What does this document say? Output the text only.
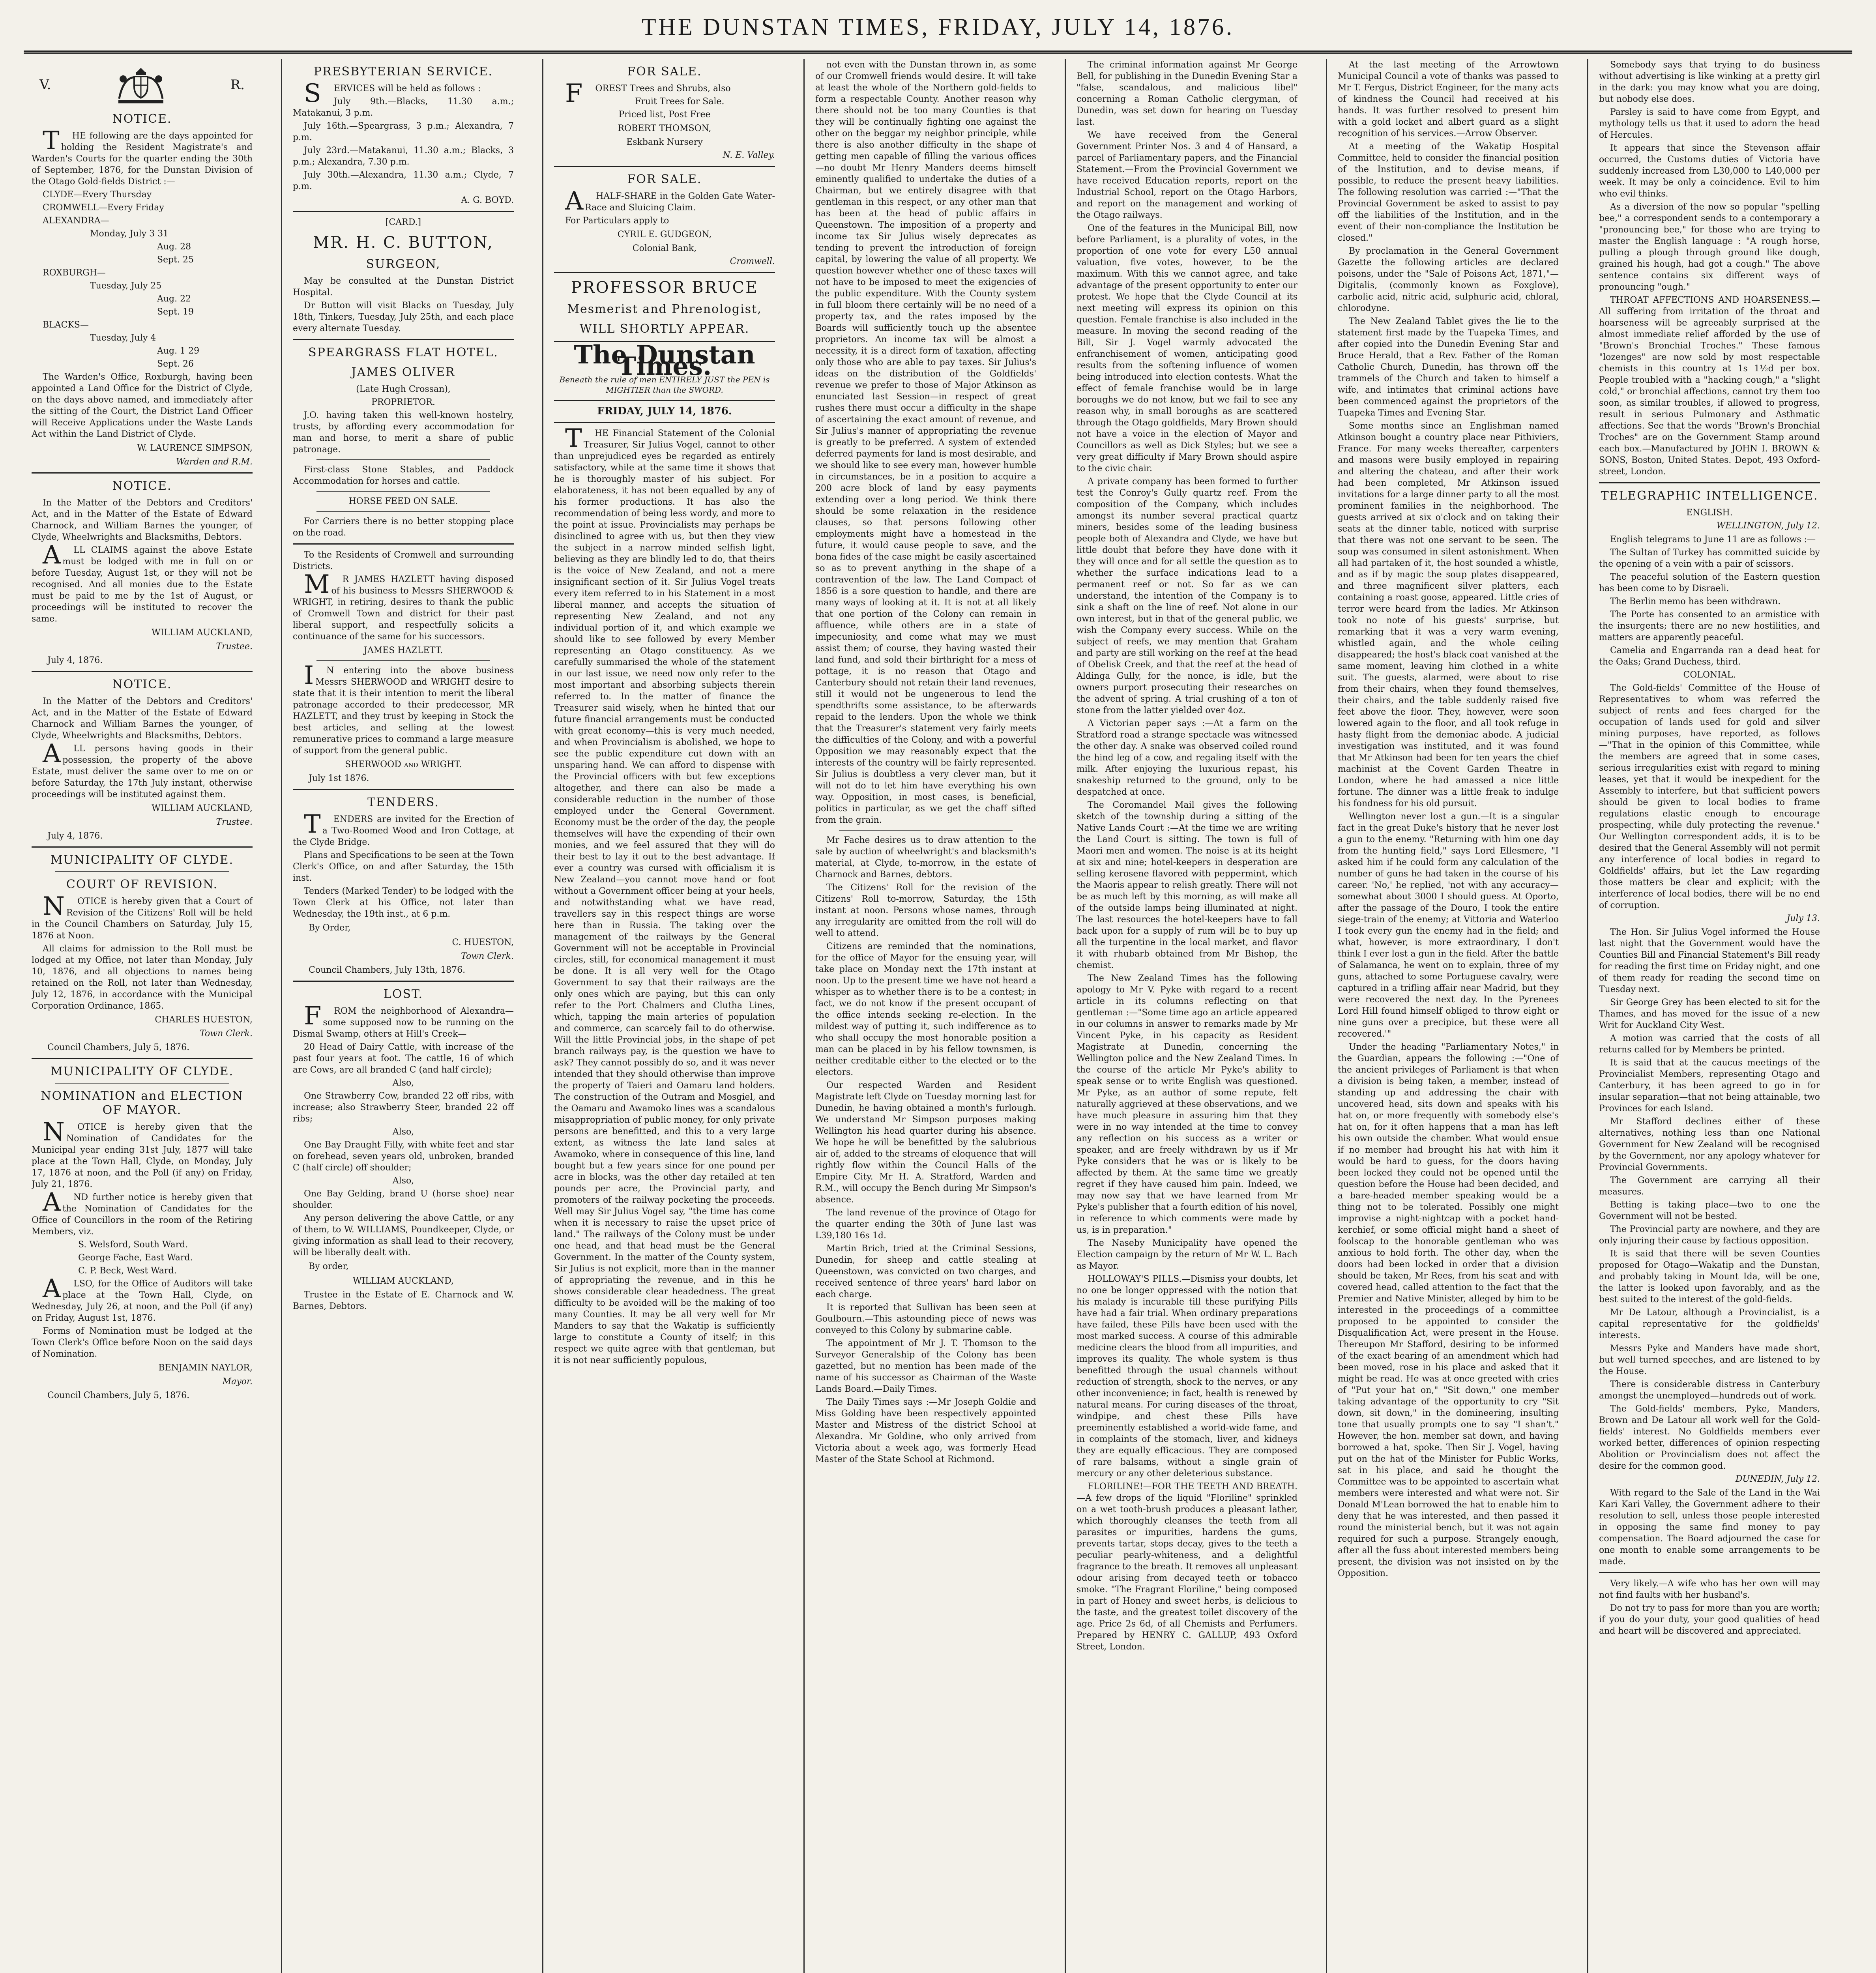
THE DUNSTAN TIMES, FRIDAY, JULY 14, 1876.
V.	R.
NOTICE.

THE following are the days appointed for holding the Resident Magistrate's and Warden's Courts for the quarter ending the 30th of September, 1876, for the Dunstan Division of the Otago Gold-fields District :—

CLYDE—Every Thursday

CROMWELL—Every Friday

ALEXANDRA—

Monday, July 3 31

Aug. 28

Sept. 25

ROXBURGH—

Tuesday, July 25

Aug. 22

Sept. 19

BLACKS—

Tuesday, July 4

Aug. 1 29

Sept. 26

The Warden's Office, Roxburgh, having been appointed a Land Office for the District of Clyde, on the days above named, and immediately after the sitting of the Court, the District Land Officer will Receive Applications under the Waste Lands Act within the Land District of Clyde.

W. LAURENCE SIMPSON,
Warden and R.M.
NOTICE.

In the Matter of the Debtors and Creditors' Act, and in the Matter of the Estate of Edward Charnock, and William Barnes the younger, of Clyde, Wheelwrights and Blacksmiths, Debtors.

ALL CLAIMS against the above Estate must be lodged with me in full on or before Tuesday, August 1st, or they will not be recognised. And all monies due to the Estate must be paid to me by the 1st of August, or proceedings will be instituted to recover the same.

WILLIAM AUCKLAND,
Trustee.
July 4, 1876.
NOTICE.

In the Matter of the Debtors and Creditors' Act, and in the Matter of the Estate of Edward Charnock and William Barnes the younger, of Clyde, Wheelwrights and Blacksmiths, Debtors.

ALL persons having goods in their possession, the property of the above Estate, must deliver the same over to me on or before Saturday, the 17th July instant, otherwise proceedings will be instituted against them.

WILLIAM AUCKLAND,
Trustee.
July 4, 1876.
MUNICIPALITY OF CLYDE.
COURT OF REVISION.

NOTICE is hereby given that a Court of Revision of the Citizens' Roll will be held in the Council Chambers on Saturday, July 15, 1876 at Noon.

All claims for admission to the Roll must be lodged at my Office, not later than Monday, July 10, 1876, and all objections to names being retained on the Roll, not later than Wednesday, July 12, 1876, in accordance with the Municipal Corporation Ordinance, 1865.

CHARLES HUESTON,
Town Clerk.
Council Chambers, July 5, 1876.
MUNICIPALITY OF CLYDE.
NOMINATION and ELECTION OF MAYOR.

NOTICE is hereby given that the Nomination of Candidates for the Municipal year ending 31st July, 1877 will take place at the Town Hall, Clyde, on Monday, July 17, 1876 at noon, and the Poll (if any) on Friday, July 21, 1876.

AND further notice is hereby given that the Nomination of Candidates for the Office of Councillors in the room of the Retiring Members, viz.

S. Welsford, South Ward.

George Fache, East Ward.

C. P. Beck, West Ward.

ALSO, for the Office of Auditors will take place at the Town Hall, Clyde, on Wednesday, July 26, at noon, and the Poll (if any) on Friday, August 1st, 1876.

Forms of Nomination must be lodged at the Town Clerk's Office before Noon on the said days of Nomination.

BENJAMIN NAYLOR,
Mayor.
Council Chambers, July 5, 1876.
PRESBYTERIAN SERVICE.

SERVICES will be held as follows :

July 9th.—Blacks, 11.30 a.m.; Matakanui, 3 p.m.

July 16th.—Speargrass, 3 p.m.; Alexandra, 7 p.m.

July 23rd.—Matakanui, 11.30 a.m.; Blacks, 3 p.m.; Alexandra, 7.30 p.m.

July 30th.—Alexandra, 11.30 a.m.; Clyde, 7 p.m.

A. G. BOYD.
[CARD.]
MR. H. C. BUTTON,
SURGEON,

May be consulted at the Dunstan District Hospital.

Dr Button will visit Blacks on Tuesday, July 18th, Tinkers, Tuesday, July 25th, and each place every alternate Tuesday.

SPEARGRASS FLAT HOTEL.
JAMES OLIVER
(Late Hugh Crossan),
PROPRIETOR.

J.O. having taken this well-known hostelry, trusts, by affording every accommodation for man and horse, to merit a share of public patronage.

First-class Stone Stables, and Paddock Accommodation for horses and cattle.

HORSE FEED ON SALE.

For Carriers there is no better stopping place on the road.

To the Residents of Cromwell and surrounding Districts.

MR JAMES HAZLETT having disposed of his business to Messrs SHERWOOD & WRIGHT, in retiring, desires to thank the public of Cromwell Town and district for their past liberal support, and respectfully solicits a continuance of the same for his successors.

JAMES HAZLETT.

IN entering into the above business Messrs SHERWOOD and WRIGHT desire to state that it is their intention to merit the liberal patronage accorded to their predecessor, MR HAZLETT, and they trust by keeping in Stock the best articles, and selling at the lowest remunerative prices to command a large measure of support from the general public.

SHERWOOD and WRIGHT.
July 1st 1876.
TENDERS.

TENDERS are invited for the Erection of a Two-Roomed Wood and Iron Cottage, at the Clyde Bridge.

Plans and Specifications to be seen at the Town Clerk's Office, on and after Saturday, the 15th inst.

Tenders (Marked Tender) to be lodged with the Town Clerk at his Office, not later than Wednesday, the 19th inst., at 6 p.m.

By Order,
C. HUESTON,
Town Clerk.
Council Chambers, July 13th, 1876.
LOST.

FROM the neighborhood of Alexandra—some supposed now to be running on the Dismal Swamp, others at Hill's Creek—

20 Head of Dairy Cattle, with increase of the past four years at foot. The cattle, 16 of which are Cows, are all branded C (and half circle);

Also,

One Strawberry Cow, branded 22 off ribs, with increase; also Strawberry Steer, branded 22 off ribs;

Also,

One Bay Draught Filly, with white feet and star on forehead, seven years old, unbroken, branded C (half circle) off shoulder;

Also,

One Bay Gelding, brand U (horse shoe) near shoulder.

Any person delivering the above Cattle, or any of them, to W. WILLIAMS, Poundkeeper, Clyde, or giving information as shall lead to their recovery, will be liberally dealt with.

By order,
WILLIAM AUCKLAND,

Trustee in the Estate of E. Charnock and W. Barnes, Debtors.

FOR SALE.

FOREST Trees and Shrubs, also

Fruit Trees for Sale.
Priced list, Post Free
ROBERT THOMSON,
Eskbank Nursery
N. E. Valley.
FOR SALE.

AHALF-SHARE in the Golden Gate Water-Race and Sluicing Claim.

For Particulars apply to

CYRIL E. GUDGEON,
Colonial Bank,
Cromwell.
PROFESSOR BRUCE
Mesmerist and Phrenologist,
WILL SHORTLY APPEAR.
The Dunstan Times.
Beneath the rule of men ENTIRELY JUST the PEN is MIGHTIER than the SWORD.
FRIDAY, JULY 14, 1876.

THE Financial Statement of the Colonial Treasurer, Sir Julius Vogel, cannot to other than unprejudiced eyes be regarded as entirely satisfactory, while at the same time it shows that he is thoroughly master of his subject. For elaborateness, it has not been equalled by any of his former productions. It has also the recommendation of being less wordy, and more to the point at issue. Provincialists may perhaps be disinclined to agree with us, but then they view the subject in a narrow minded selfish light, believing as they are blindly led to do, that theirs is the voice of New Zealand, and not a mere insignificant section of it. Sir Julius Vogel treats every item referred to in his Statement in a most liberal manner, and accepts the situation of representing New Zealand, and not any individual portion of it, and which example we should like to see followed by every Member representing an Otago constituency. As we carefully summarised the whole of the statement in our last issue, we need now only refer to the most important and absorbing subjects therein referred to. In the matter of finance the Treasurer said wisely, when he hinted that our future financial arrangements must be conducted with great economy—this is very much needed, and when Provincialism is abolished, we hope to see the public expenditure cut down with an unsparing hand. We can afford to dispense with the Provincial officers with but few exceptions altogether, and there can also be made a considerable reduction in the number of those employed under the General Government. Economy must be the order of the day, the people themselves will have the expending of their own monies, and we feel assured that they will do their best to lay it out to the best advantage. If ever a country was cursed with officialism it is New Zealand—you cannot move hand or foot without a Government officer being at your heels, and notwithstanding what we have read, travellers say in this respect things are worse here than in Russia. The taking over the management of the railways by the General Government will not be acceptable in Provincial circles, still, for economical management it must be done. It is all very well for the Otago Government to say that their railways are the only ones which are paying, but this can only refer to the Port Chalmers and Clutha Lines, which, tapping the main arteries of population and commerce, can scarcely fail to do otherwise. Will the little Provincial jobs, in the shape of pet branch railways pay, is the question we have to ask? They cannot possibly do so, and it was never intended that they should otherwise than improve the property of Taieri and Oamaru land holders. The construction of the Outram and Mosgiel, and the Oamaru and Awamoko lines was a scandalous misappropriation of public money, for only private persons are benefitted, and this to a very large extent, as witness the late land sales at Awamoko, where in consequence of this line, land bought but a few years since for one pound per acre in blocks, was the other day retailed at ten pounds per acre, the Provincial party, and promoters of the railway pocketing the proceeds. Well may Sir Julius Vogel say, "the time has come when it is necessary to raise the upset price of land." The railways of the Colony must be under one head, and that head must be the General Government. In the matter of the County system, Sir Julius is not explicit, more than in the manner of appropriating the revenue, and in this he shows considerable clear headedness. The great difficulty to be avoided will be the making of too many Counties. It may be all very well for Mr Manders to say that the Wakatip is sufficiently large to constitute a County of itself; in this respect we quite agree with that gentleman, but it is not near sufficiently populous,

not even with the Dunstan thrown in, as some of our Cromwell friends would desire. It will take at least the whole of the Northern gold-fields to form a respectable County. Another reason why there should not be too many Counties is that they will be continually fighting one against the other on the beggar my neighbor principle, while there is also another difficulty in the shape of getting men capable of filling the various offices—no doubt Mr Henry Manders deems himself eminently qualified to undertake the duties of a Chairman, but we entirely disagree with that gentleman in this respect, or any other man that has been at the head of public affairs in Queenstown. The imposition of a property and income tax Sir Julius wisely deprecates as tending to prevent the introduction of foreign capital, by lowering the value of all property. We question however whether one of these taxes will not have to be imposed to meet the exigencies of the public expenditure. With the County system in full bloom there certainly will be no need of a property tax, and the rates imposed by the Boards will sufficiently touch up the absentee proprietors. An income tax will be almost a necessity, it is a direct form of taxation, affecting only those who are able to pay taxes. Sir Julius's ideas on the distribution of the Goldfields' revenue we prefer to those of Major Atkinson as enunciated last Session—in respect of great rushes there must occur a difficulty in the shape of ascertaining the exact amount of revenue, and Sir Julius's manner of appropriating the revenue is greatly to be preferred. A system of extended deferred payments for land is most desirable, and we should like to see every man, however humble in circumstances, be in a position to acquire a 200 acre block of land by easy payments extending over a long period. We think there should be some relaxation in the residence clauses, so that persons following other employments might have a homestead in the future, it would cause people to save, and the bona fides of the case might be easily ascertained so as to prevent anything in the shape of a contravention of the law. The Land Compact of 1856 is a sore question to handle, and there are many ways of looking at it. It is not at all likely that one portion of the Colony can remain in affluence, while others are in a state of impecuniosity, and come what may we must assist them; of course, they having wasted their land fund, and sold their birthright for a mess of pottage, it is no reason that Otago and Canterbury should not retain their land revenues, still it would not be ungenerous to lend the spendthrifts some assistance, to be afterwards repaid to the lenders. Upon the whole we think that the Treasurer's statement very fairly meets the difficulties of the Colony, and with a powerful Opposition we may reasonably expect that the interests of the country will be fairly represented. Sir Julius is doubtless a very clever man, but it will not do to let him have everything his own way. Opposition, in most cases, is beneficial, politics in particular, as we get the chaff sifted from the grain.

Mr Fache desires us to draw attention to the sale by auction of wheelwright's and blacksmith's material, at Clyde, to-morrow, in the estate of Charnock and Barnes, debtors.

The Citizens' Roll for the revision of the Citizens' Roll to-morrow, Saturday, the 15th instant at noon. Persons whose names, through any irregularity are omitted from the roll will do well to attend.

Citizens are reminded that the nominations, for the office of Mayor for the ensuing year, will take place on Monday next the 17th instant at noon. Up to the present time we have not heard a whisper as to whether there is to be a contest; in fact, we do not know if the present occupant of the office intends seeking re-election. In the mildest way of putting it, such indifference as to who shall occupy the most honorable position a man can be placed in by his fellow townsmen, is neither creditable either to the elected or to the electors.

Our respected Warden and Resident Magistrate left Clyde on Tuesday morning last for Dunedin, he having obtained a month's furlough. We understand Mr Simpson purposes making Wellington his head quarter during his absence. We hope he will be benefitted by the salubrious air of, added to the streams of eloquence that will rightly flow within the Council Halls of the Empire City. Mr H. A. Stratford, Warden and R.M., will occupy the Bench during Mr Simpson's absence.

The land revenue of the province of Otago for the quarter ending the 30th of June last was L39,180 16s 1d.

Martin Brich, tried at the Criminal Sessions, Dunedin, for sheep and cattle stealing at Queenstown, was convicted on two charges, and received sentence of three years' hard labor on each charge.

It is reported that Sullivan has been seen at Goulbourn.—This astounding piece of news was conveyed to this Colony by submarine cable.

The appointment of Mr J. T. Thomson to the Surveyor Generalship of the Colony has been gazetted, but no mention has been made of the name of his successor as Chairman of the Waste Lands Board.—Daily Times.

The Daily Times says :—Mr Joseph Goldie and Miss Golding have been respectively appointed Master and Mistress of the district School at Alexandra. Mr Goldine, who only arrived from Victoria about a week ago, was formerly Head Master of the State School at Richmond.

The criminal information against Mr George Bell, for publishing in the Dunedin Evening Star a "false, scandalous, and malicious libel" concerning a Roman Catholic clergyman, of Dunedin, was set down for hearing on Tuesday last.

We have received from the General Government Printer Nos. 3 and 4 of Hansard, a parcel of Parliamentary papers, and the Financial Statement.—From the Provincial Government we have received Education reports, report on the Industrial School, report on the Otago Harbors, and report on the management and working of the Otago railways.

One of the features in the Municipal Bill, now before Parliament, is a plurality of votes, in the proportion of one vote for every L50 annual valuation, five votes, however, to be the maximum. With this we cannot agree, and take advantage of the present opportunity to enter our protest. We hope that the Clyde Council at its next meeting will express its opinion on this question. Female franchise is also included in the measure. In moving the second reading of the Bill, Sir J. Vogel warmly advocated the enfranchisement of women, anticipating good results from the softening influence of women being introduced into election contests. What the effect of female franchise would be in large boroughs we do not know, but we fail to see any reason why, in small boroughs as are scattered through the Otago goldfields, Mary Brown should not have a voice in the election of Mayor and Councillors as well as Dick Styles; but we see a very great difficulty if Mary Brown should aspire to the civic chair.

A private company has been formed to further test the Conroy's Gully quartz reef. From the composition of the Company, which includes amongst its number several practical quartz miners, besides some of the leading business people both of Alexandra and Clyde, we have but little doubt that before they have done with it they will once and for all settle the question as to whether the surface indications lead to a permanent reef or not. So far as we can understand, the intention of the Company is to sink a shaft on the line of reef. Not alone in our own interest, but in that of the general public, we wish the Company every success. While on the subject of reefs, we may mention that Graham and party are still working on the reef at the head of Obelisk Creek, and that the reef at the head of Aldinga Gully, for the nonce, is idle, but the owners purport prosecuting their researches on the advent of spring. A trial crushing of a ton of stone from the latter yielded over 4oz.

A Victorian paper says :—At a farm on the Stratford road a strange spectacle was witnessed the other day. A snake was observed coiled round the hind leg of a cow, and regaling itself with the milk. After enjoying the luxurious repast, his snakeship returned to the ground, only to be despatched at once.

The Coromandel Mail gives the following sketch of the township during a sitting of the Native Lands Court :—At the time we are writing the Land Court is sitting. The town is full of Maori men and women. The noise is at its height at six and nine; hotel-keepers in desperation are selling kerosene flavored with peppermint, which the Maoris appear to relish greatly. There will not be as much left by this morning, as will make all of the outside lamps being illuminated at night. The last resources the hotel-keepers have to fall back upon for a supply of rum will be to buy up all the turpentine in the local market, and flavor it with rhubarb obtained from Mr Bishop, the chemist.

The New Zealand Times has the following apology to Mr V. Pyke with regard to a recent article in its columns reflecting on that gentleman :—"Some time ago an article appeared in our columns in answer to remarks made by Mr Vincent Pyke, in his capacity as Resident Magistrate at Dunedin, concerning the Wellington police and the New Zealand Times. In the course of the article Mr Pyke's ability to speak sense or to write English was questioned. Mr Pyke, as an author of some repute, felt naturally aggrieved at these observations, and we have much pleasure in assuring him that they were in no way intended at the time to convey any reflection on his success as a writer or speaker, and are freely withdrawn by us if Mr Pyke considers that he was or is likely to be affected by them. At the same time we greatly regret if they have caused him pain. Indeed, we may now say that we have learned from Mr Pyke's publisher that a fourth edition of his novel, in reference to which comments were made by us, is in preparation."

The Naseby Municipality have opened the Election campaign by the return of Mr W. L. Bach as Mayor.

HOLLOWAY'S PILLS.—Dismiss your doubts, let no one be longer oppressed with the notion that his malady is incurable till these purifying Pills have had a fair trial. When ordinary preparations have failed, these Pills have been used with the most marked success. A course of this admirable medicine clears the blood from all impurities, and improves its quality. The whole system is thus benefitted through the usual channels without reduction of strength, shock to the nerves, or any other inconvenience; in fact, health is renewed by natural means. For curing diseases of the throat, windpipe, and chest these Pills have preeminently established a world-wide fame, and in complaints of the stomach, liver, and kidneys they are equally efficacious. They are composed of rare balsams, without a single grain of mercury or any other deleterious substance.

FLORILINE!—FOR THE TEETH AND BREATH.—A few drops of the liquid "Floriline" sprinkled on a wet tooth-brush produces a pleasant lather, which thoroughly cleanses the teeth from all parasites or impurities, hardens the gums, prevents tartar, stops decay, gives to the teeth a peculiar pearly-whiteness, and a delightful fragrance to the breath. It removes all unpleasant odour arising from decayed teeth or tobacco smoke. "The Fragrant Floriline," being composed in part of Honey and sweet herbs, is delicious to the taste, and the greatest toilet discovery of the age. Price 2s 6d, of all Chemists and Perfumers. Prepared by HENRY C. GALLUP, 493 Oxford Street, London.

At the last meeting of the Arrowtown Municipal Council a vote of thanks was passed to Mr T. Fergus, District Engineer, for the many acts of kindness the Council had received at his hands. It was further resolved to present him with a gold locket and albert guard as a slight recognition of his services.—Arrow Observer.

At a meeting of the Wakatip Hospital Committee, held to consider the financial position of the Institution, and to devise means, if possible, to reduce the present heavy liabilities. The following resolution was carried :—"That the Provincial Government be asked to assist to pay off the liabilities of the Institution, and in the event of their non-compliance the Institution be closed."

By proclamation in the General Government Gazette the following articles are declared poisons, under the "Sale of Poisons Act, 1871,"—Digitalis, (commonly known as Foxglove), carbolic acid, nitric acid, sulphuric acid, chloral, chlorodyne.

The New Zealand Tablet gives the lie to the statement first made by the Tuapeka Times, and after copied into the Dunedin Evening Star and Bruce Herald, that a Rev. Father of the Roman Catholic Church, Dunedin, has thrown off the trammels of the Church and taken to himself a wife, and intimates that criminal actions have been commenced against the proprietors of the Tuapeka Times and Evening Star.

Some months since an Englishman named Atkinson bought a country place near Pithiviers, France. For many weeks thereafter, carpenters and masons were busily employed in repairing and altering the chateau, and after their work had been completed, Mr Atkinson issued invitations for a large dinner party to all the most prominent families in the neighborhood. The guests arrived at six o'clock and on taking their seats at the dinner table, noticed with surprise that there was not one servant to be seen. The soup was consumed in silent astonishment. When all had partaken of it, the host sounded a whistle, and as if by magic the soup plates disappeared, and three magnificent silver platters, each containing a roast goose, appeared. Little cries of terror were heard from the ladies. Mr Atkinson took no note of his guests' surprise, but remarking that it was a very warm evening, whistled again, and the whole ceiling disappeared; the host's black coat vanished at the same moment, leaving him clothed in a white suit. The guests, alarmed, were about to rise from their chairs, when they found themselves, their chairs, and the table suddenly raised five feet above the floor. They, however, were soon lowered again to the floor, and all took refuge in hasty flight from the demoniac abode. A judicial investigation was instituted, and it was found that Mr Atkinson had been for ten years the chief machinist at the Covent Garden Theatre in London, where he had amassed a nice little fortune. The dinner was a little freak to indulge his fondness for his old pursuit.

Wellington never lost a gun.—It is a singular fact in the great Duke's history that he never lost a gun to the enemy. "Returning with him one day from the hunting field," says Lord Ellesmere, "I asked him if he could form any calculation of the number of guns he had taken in the course of his career. 'No,' he replied, 'not with any accuracy—somewhat about 3000 I should guess. At Oporto, after the passage of the Douro, I took the entire siege-train of the enemy; at Vittoria and Waterloo I took every gun the enemy had in the field; and what, however, is more extraordinary, I don't think I ever lost a gun in the field. After the battle of Salamanca, he went on to explain, three of my guns, attached to some Portuguese cavalry, were captured in a trifling affair near Madrid, but they were recovered the next day. In the Pyrenees Lord Hill found himself obliged to throw eight or nine guns over a precipice, but these were all recovered.'"

Under the heading "Parliamentary Notes," in the Guardian, appears the following :—"One of the ancient privileges of Parliament is that when a division is being taken, a member, instead of standing up and addressing the chair with uncovered head, sits down and speaks with his hat on, or more frequently with somebody else's hat on, for it often happens that a man has left his own outside the chamber. What would ensue if no member had brought his hat with him it would be hard to guess, for the doors having been locked they could not be opened until the question before the House had been decided, and a bare-headed member speaking would be a thing not to be tolerated. Possibly one might improvise a night-nightcap with a pocket hand-kerchief, or some official might hand a sheet of foolscap to the honorable gentleman who was anxious to hold forth. The other day, when the doors had been locked in order that a division should be taken, Mr Rees, from his seat and with covered head, called attention to the fact that the Premier and Native Minister, alleged by him to be interested in the proceedings of a committee proposed to be appointed to consider the Disqualification Act, were present in the House. Thereupon Mr Stafford, desiring to be informed of the exact bearing of an amendment which had been moved, rose in his place and asked that it might be read. He was at once greeted with cries of "Put your hat on," "Sit down," one member taking advantage of the opportunity to cry "Sit down, sit down," in the domineering, insulting tone that usually prompts one to say "I shan't." However, the hon. member sat down, and having borrowed a hat, spoke. Then Sir J. Vogel, having put on the hat of the Minister for Public Works, sat in his place, and said he thought the Committee was to be appointed to ascertain what members were interested and what were not. Sir Donald M'Lean borrowed the hat to enable him to deny that he was interested, and then passed it round the ministerial bench, but it was not again required for such a purpose. Strangely enough, after all the fuss about interested members being present, the division was not insisted on by the Opposition.

Somebody says that trying to do business without advertising is like winking at a pretty girl in the dark: you may know what you are doing, but nobody else does.

Parsley is said to have come from Egypt, and mythology tells us that it used to adorn the head of Hercules.

It appears that since the Stevenson affair occurred, the Customs duties of Victoria have suddenly increased from L30,000 to L40,000 per week. It may be only a coincidence. Evil to him who evil thinks.

As a diversion of the now so popular "spelling bee," a correspondent sends to a contemporary a "pronouncing bee," for those who are trying to master the English language : "A rough horse, pulling a plough through ground like dough, grained his hough, had got a cough." The above sentence contains six different ways of pronouncing "ough."

THROAT AFFECTIONS AND HOARSENESS.—All suffering from irritation of the throat and hoarseness will be agreeably surprised at the almost immediate relief afforded by the use of "Brown's Bronchial Troches." These famous "lozenges" are now sold by most respectable chemists in this country at 1s 1½d per box. People troubled with a "hacking cough," a "slight cold," or bronchial affections, cannot try them too soon, as similar troubles, if allowed to progress, result in serious Pulmonary and Asthmatic affections. See that the words "Brown's Bronchial Troches" are on the Government Stamp around each box.—Manufactured by JOHN I. BROWN & SONS, Boston, United States. Depot, 493 Oxford-street, London.

TELEGRAPHIC INTELLIGENCE.
ENGLISH.
WELLINGTON, July 12.

English telegrams to June 11 are as follows :—

The Sultan of Turkey has committed suicide by the opening of a vein with a pair of scissors.

The peaceful solution of the Eastern question has been come to by Disraeli.

The Berlin memo has been withdrawn.

The Porte has consented to an armistice with the insurgents; there are no new hostilities, and matters are apparently peaceful.

Camelia and Engarranda ran a dead heat for the Oaks; Grand Duchess, third.

COLONIAL.

The Gold-fields' Committee of the House of Representatives to whom was referred the subject of rents and fees charged for the occupation of lands used for gold and silver mining purposes, have reported, as follows—"That in the opinion of this Committee, while the members are agreed that in some cases, serious irregularities exist with regard to mining leases, yet that it would be inexpedient for the Assembly to interfere, but that sufficient powers should be given to local bodies to frame regulations elastic enough to encourage prospecting, while duly protecting the revenue." Our Wellington correspondent adds, it is to be desired that the General Assembly will not permit any interference of local bodies in regard to Goldfields' affairs, but let the Law regarding those matters be clear and explicit; with the interference of local bodies, there will be no end of corruption.

July 13.

The Hon. Sir Julius Vogel informed the House last night that the Government would have the Counties Bill and Financial Statement's Bill ready for reading the first time on Friday night, and one of them ready for reading the second time on Tuesday next.

Sir George Grey has been elected to sit for the Thames, and has moved for the issue of a new Writ for Auckland City West.

A motion was carried that the costs of all returns called for by Members be printed.

It is said that at the caucus meetings of the Provincialist Members, representing Otago and Canterbury, it has been agreed to go in for insular separation—that not being attainable, two Provinces for each Island.

Mr Stafford declines either of these alternatives, nothing less than one National Government for New Zealand will be recognised by the Government, nor any apology whatever for Provincial Governments.

The Government are carrying all their measures.

Betting is taking place—two to one the Government will not be bested.

The Provincial party are nowhere, and they are only injuring their cause by factious opposition.

It is said that there will be seven Counties proposed for Otago—Wakatip and the Dunstan, and probably taking in Mount Ida, will be one, the latter is looked upon favorably, and as the best suited to the interest of the gold-fields.

Mr De Latour, although a Provincialist, is a capital representative for the goldfields' interests.

Messrs Pyke and Manders have made short, but well turned speeches, and are listened to by the House.

There is considerable distress in Canterbury amongst the unemployed—hundreds out of work.

The Gold-fields' members, Pyke, Manders, Brown and De Latour all work well for the Gold-fields' interest. No Goldfields members ever worked better, differences of opinion respecting Abolition or Provincialism does not affect the desire for the common good.

DUNEDIN, July 12.

With regard to the Sale of the Land in the Wai Kari Kari Valley, the Government adhere to their resolution to sell, unless those people interested in opposing the same find money to pay compensation. The Board adjourned the case for one month to enable some arrangements to be made.

Very likely.—A wife who has her own will may not find faults with her husband's.

Do not try to pass for more than you are worth; if you do your duty, your good qualities of head and heart will be discovered and appreciated.
